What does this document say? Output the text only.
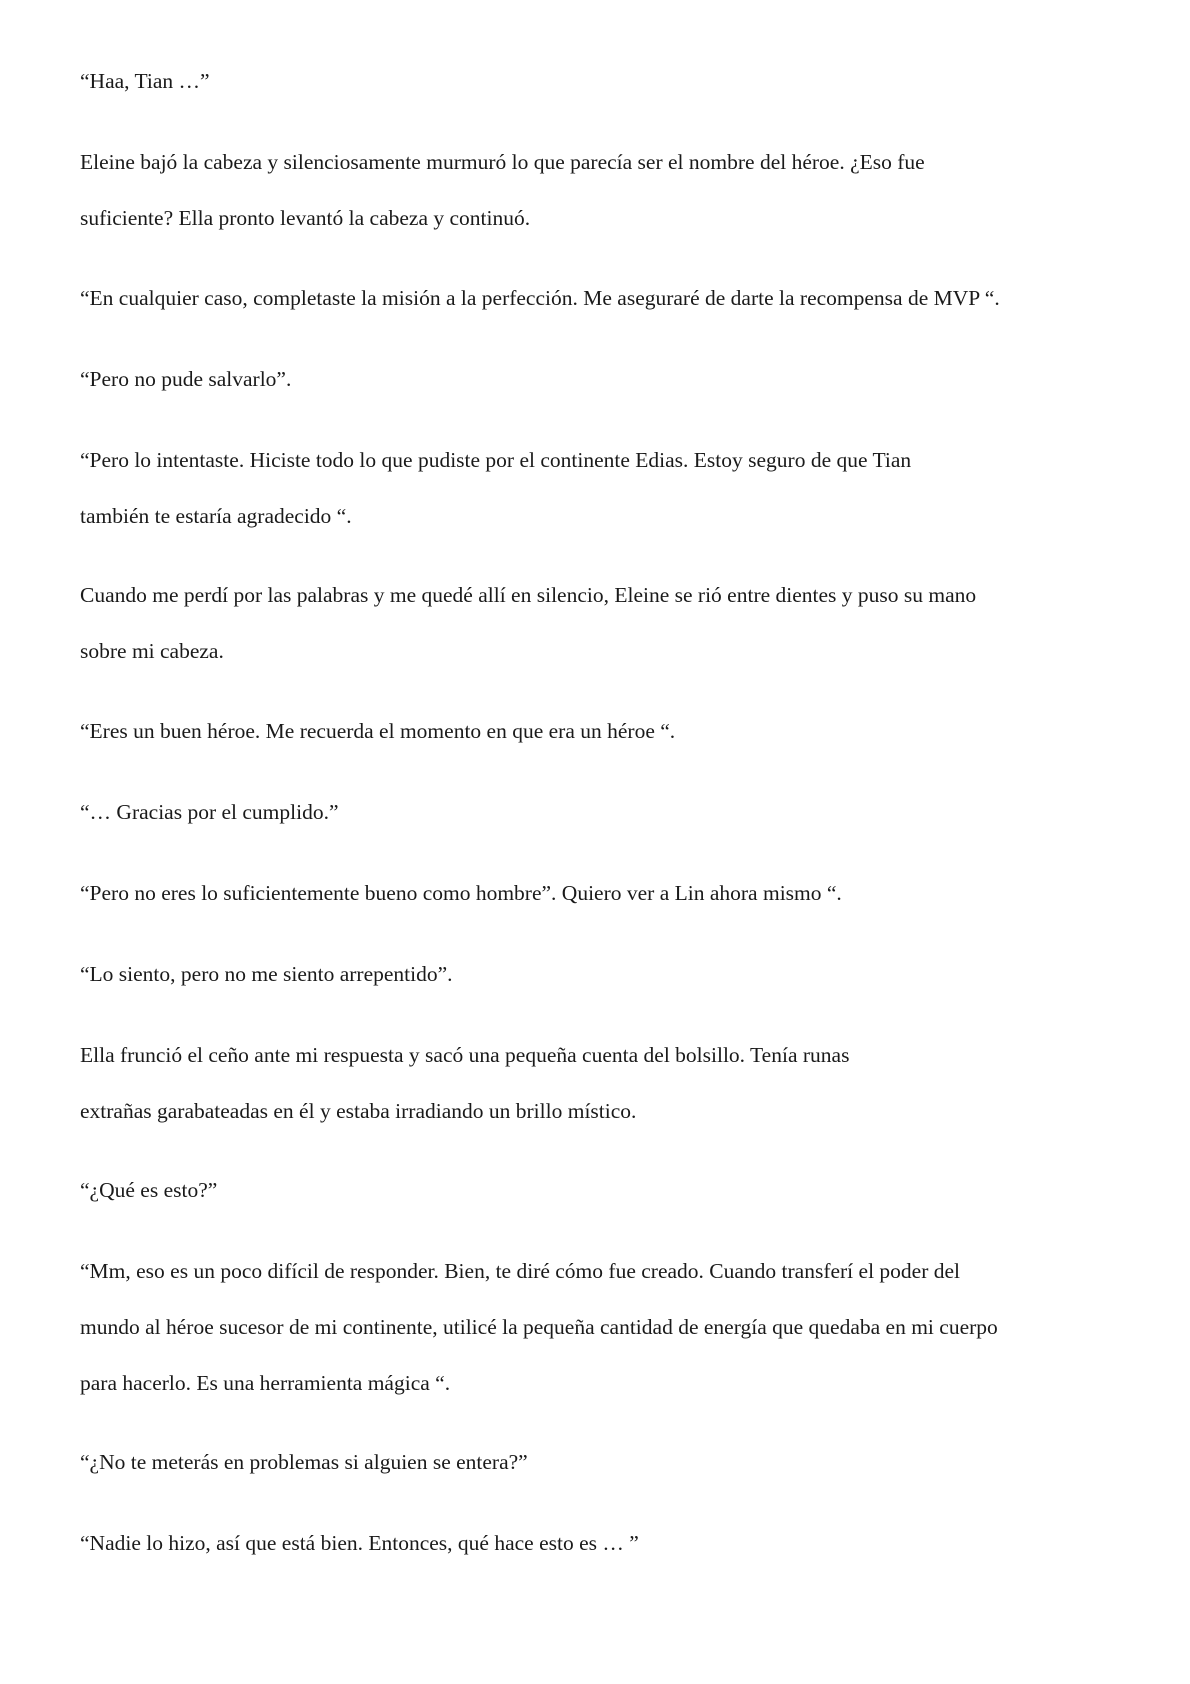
“Haa, Tian …”

Eleine bajó la cabeza y silenciosamente murmuró lo que parecía ser el nombre del héroe. ¿Eso fue
suficiente? Ella pronto levantó la cabeza y continuó.

“En cualquier caso, completaste la misión a la perfección. Me aseguraré de darte la recompensa de MVP “.

“Pero no pude salvarlo”.

“Pero lo intentaste. Hiciste todo lo que pudiste por el continente Edias. Estoy seguro de que Tian
también te estaría agradecido “.

Cuando me perdí por las palabras y me quedé allí en silencio, Eleine se rió entre dientes y puso su mano
sobre mi cabeza.

“Eres un buen héroe. Me recuerda el momento en que era un héroe “.

“… Gracias por el cumplido.”

“Pero no eres lo suficientemente bueno como hombre”. Quiero ver a Lin ahora mismo “.

“Lo siento, pero no me siento arrepentido”.

Ella frunció el ceño ante mi respuesta y sacó una pequeña cuenta del bolsillo. Tenía runas
extrañas garabateadas en él y estaba irradiando un brillo místico.

“¿Qué es esto?”

“Mm, eso es un poco difícil de responder. Bien, te diré cómo fue creado. Cuando transferí el poder del
mundo al héroe sucesor de mi continente, utilicé la pequeña cantidad de energía que quedaba en mi cuerpo
para hacerlo. Es una herramienta mágica “.

“¿No te meterás en problemas si alguien se entera?”

“Nadie lo hizo, así que está bien. Entonces, qué hace esto es … ”
